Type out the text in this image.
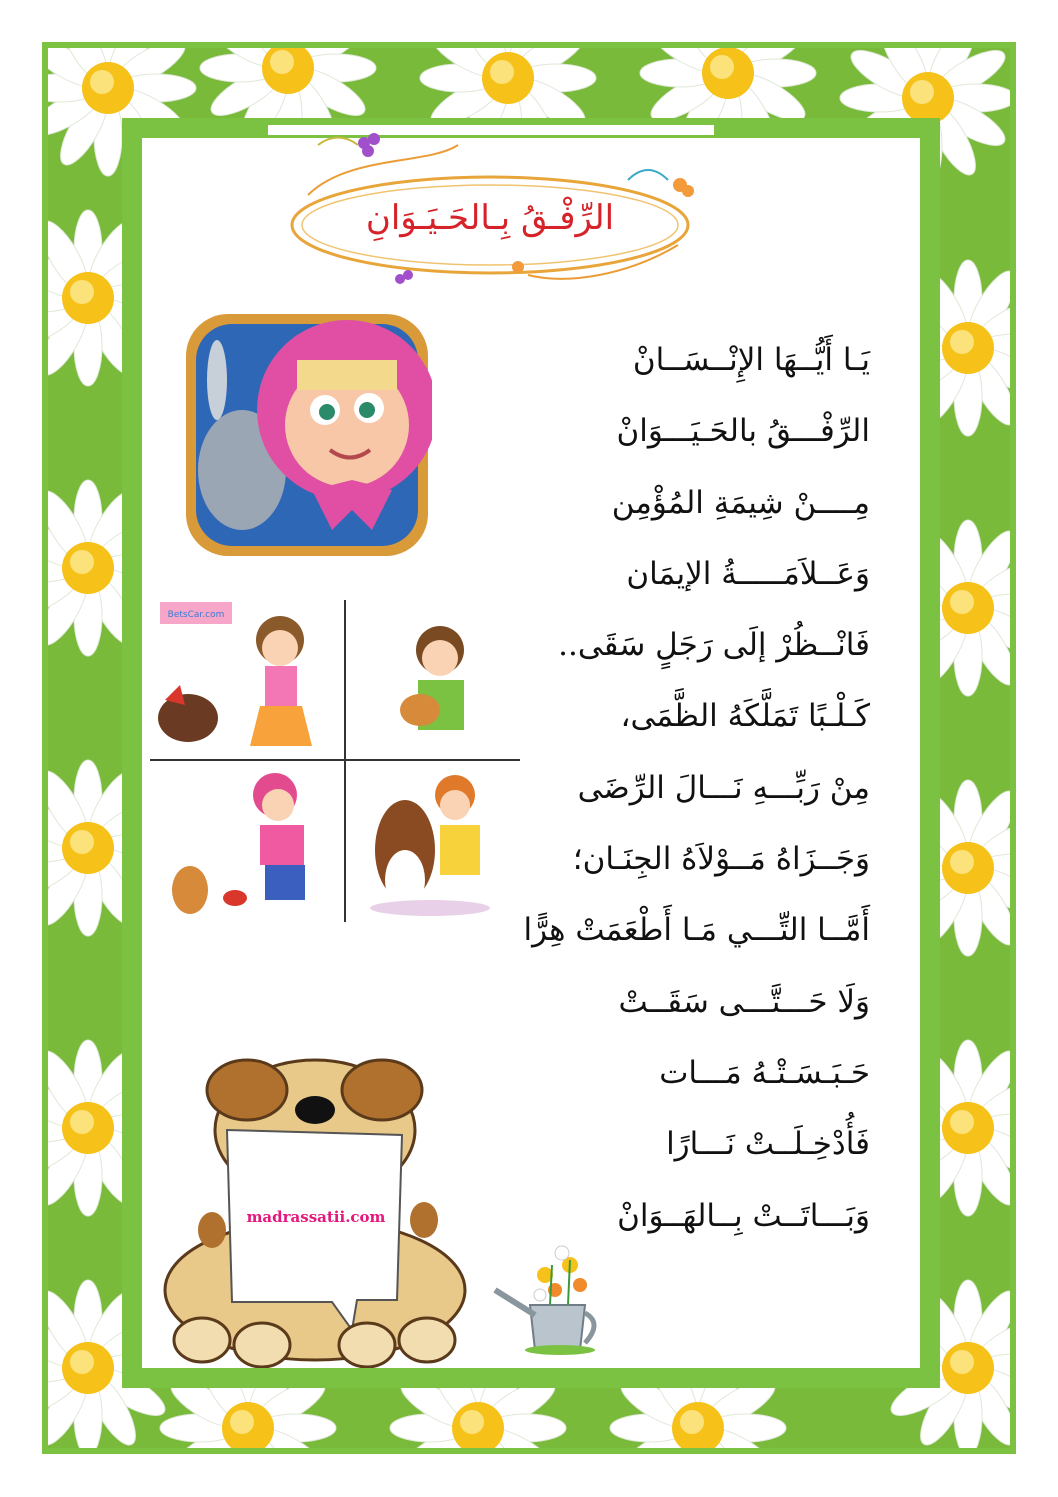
الرِّفْـقُ بِـالحَـيَـوَانِ
BetsCar.com
madrassatii.com
يَـا أَيُّــهَا الإِنْــسَــانْ
الرِّفْـــقُ بالحَـيَـــوَانْ
مِــــنْ شِيمَةِ المُؤْمِن
وَعَــلاَمَـــــةُ الإيمَان
فَانْــظُرْ إلَى رَجَلٍ سَقَى..
كَـلْـبًا تَمَلَّكَهُ الظَّمَى،
مِنْ رَبِّـــهِ نَـــالَ الرِّضَى
وَجَــزَاهُ مَــوْلاَهُ الجِنَـان؛
أَمَّــا التِّـــي مَـا أَطْعَمَتْ هِرًّا
وَلَا حَـــتَّـــى سَقَــتْ
حَـبَـسَـتْـهُ مَـــات
فَأُدْخِـلَــتْ نَـــارًا
وَبَـــاتَــتْ بِــالهَــوَانْ
